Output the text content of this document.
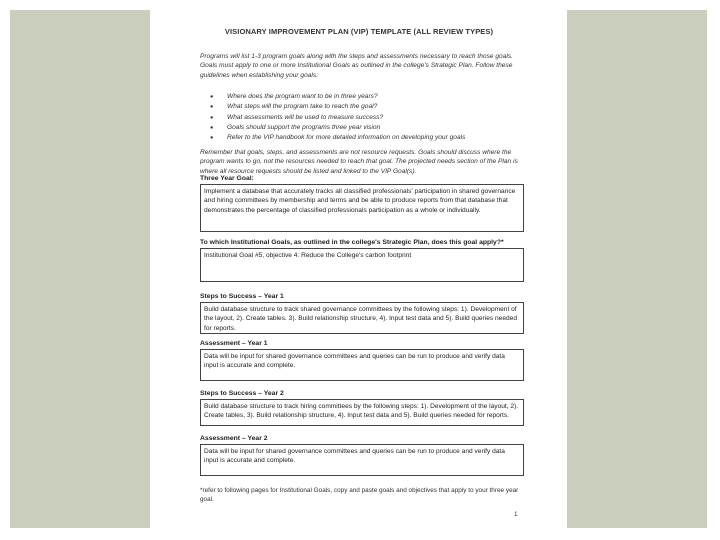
VISIONARY IMPROVEMENT PLAN (VIP) TEMPLATE (ALL REVIEW TYPES)
Programs will list 1-3 program goals along with the steps and assessments necessary to reach those goals. Goals must apply to one or more Institutional Goals as outlined in the college's Strategic Plan. Follow these guidelines when establishing your goals:
● Where does the program want to be in three years?
● What steps will the program take to reach the goal?
● What assessments will be used to measure success?
● Goals should support the programs three year vision
● Refer to the VIP handbook for more detailed information on developing your goals
Remember that goals, steps, and assessments are not resource requests. Goals should discuss where the program wants to go, not the resources needed to reach that goal. The projected needs section of the Plan is where all resource requests should be listed and linked to the VIP Goal(s).
Three Year Goal:
Implement a database that accurately tracks all classified professionals' participation in shared governance and hiring committees by membership and terms and be able to produce reports from that database that demonstrates the percentage of classified professionals participation as a whole or individually.
To which Institutional Goals, as outlined in the college's Strategic Plan, does this goal apply?*
Institutional Goal #5, objective 4: Reduce the College's carbon footprint
Steps to Success – Year 1
Build database structure to track shared governance committees by the following steps: 1). Development of the layout, 2). Create tables. 3). Build relationship structure, 4). Input test data and 5). Build queries needed for reports.
Assessment – Year 1
Data will be input for shared governance committees and queries can be run to produce and verify data input is accurate and complete.
Steps to Success – Year 2
Build database structure to track hiring committees by the following steps: 1). Development of the layout, 2). Create tables, 3). Build relationship structure, 4). Input test data and 5). Build queries needed for reports.
Assessment – Year 2
Data will be input for shared governance committees and queries can be run to produce and verify data input is accurate and complete.
*refer to following pages for Institutional Goals, copy and paste goals and objectives that apply to your three year goal.
1
